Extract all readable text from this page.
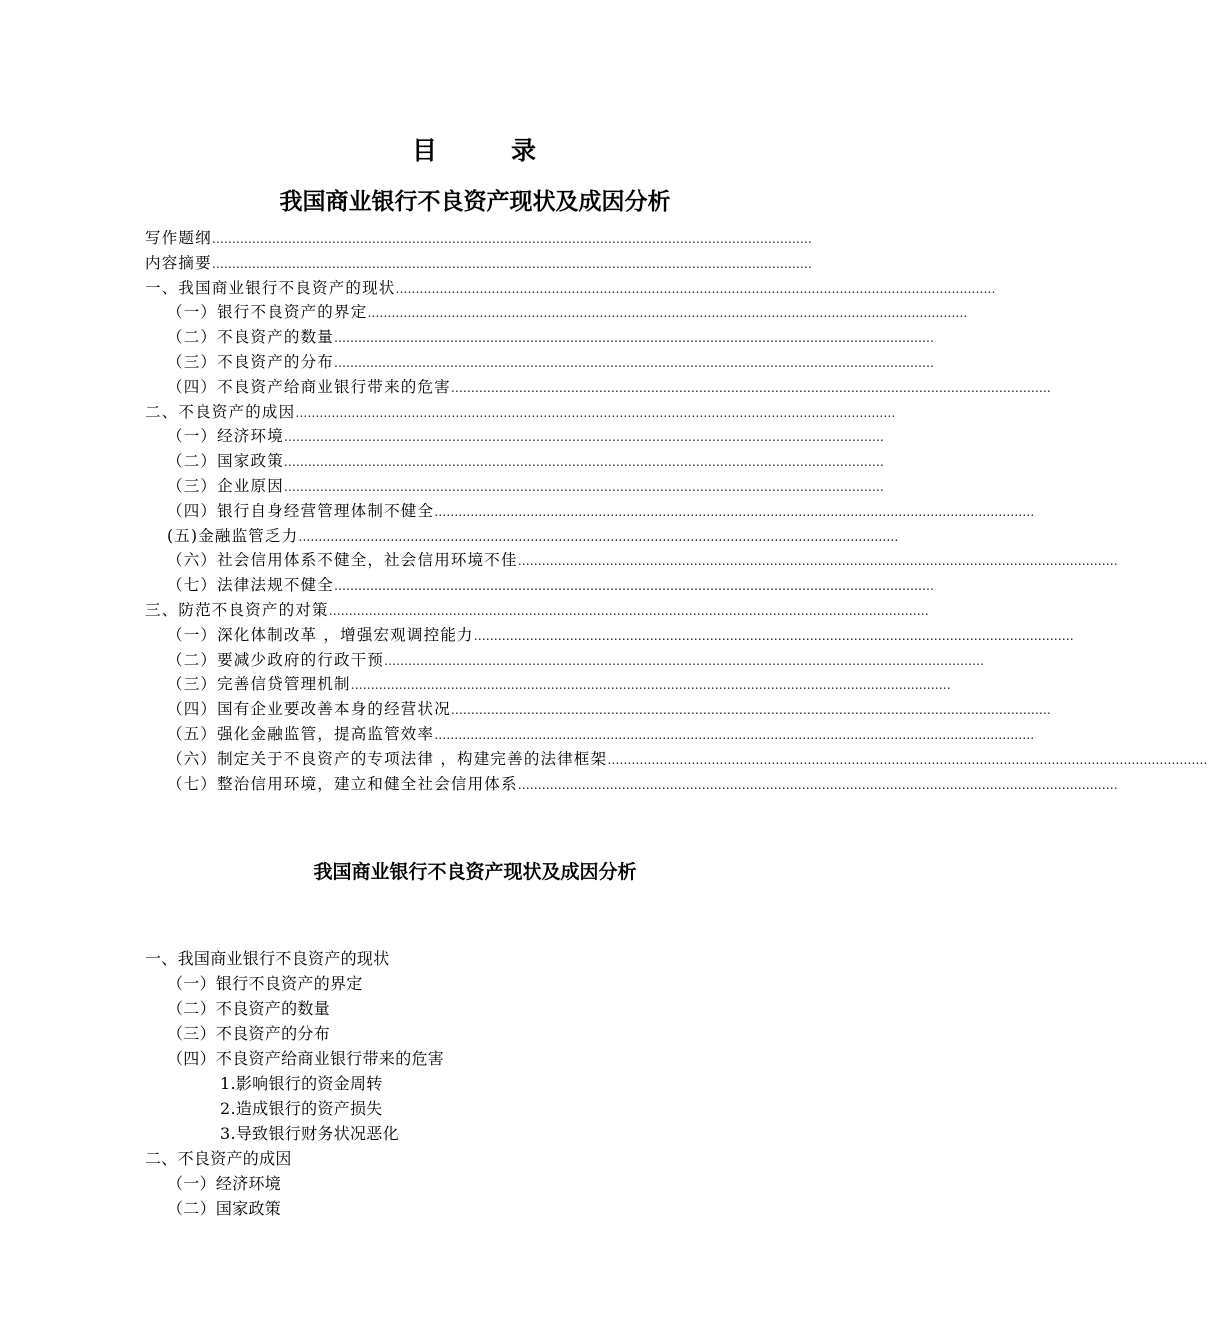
目	录
我国商业银行不良资产现状及成因分析
写作题纲 ……………………………………………………………………………………………………………………………………
内容摘要 ……………………………………………………………………………………………………………………………………
一、我国商业银行不良资产的现状 ……………………………………………………………………………………………………………………………………
（一）银行不良资产的界定 ……………………………………………………………………………………………………………………………………
（二）不良资产的数量 ……………………………………………………………………………………………………………………………………
（三）不良资产的分布 ……………………………………………………………………………………………………………………………………
（四）不良资产给商业银行带来的危害 ……………………………………………………………………………………………………………………………………
二、不良资产的成因 ……………………………………………………………………………………………………………………………………
（一）经济环境 ……………………………………………………………………………………………………………………………………
（二）国家政策 ……………………………………………………………………………………………………………………………………
（三）企业原因 ……………………………………………………………………………………………………………………………………
（四）银行自身经营管理体制不健全 ……………………………………………………………………………………………………………………………………
(五)金融监管乏力 ……………………………………………………………………………………………………………………………………
（六）社会信用体系不健全，社会信用环境不佳 ……………………………………………………………………………………………………………………………………
（七）法律法规不健全 ……………………………………………………………………………………………………………………………………
三、防范不良资产的对策 ……………………………………………………………………………………………………………………………………
（一）深化体制改革 ，增强宏观调控能力 ……………………………………………………………………………………………………………………………………
（二）要减少政府的行政干预 ……………………………………………………………………………………………………………………………………
（三）完善信贷管理机制 ……………………………………………………………………………………………………………………………………
（四）国有企业要改善本身的经营状况 ……………………………………………………………………………………………………………………………………
（五）强化金融监管，提高监管效率 ……………………………………………………………………………………………………………………………………
（六）制定关于不良资产的专项法律 ，构建完善的法律框架 ……………………………………………………………………………………………………………………………………
（七）整治信用环境，建立和健全社会信用体系 ……………………………………………………………………………………………………………………………………
我国商业银行不良资产现状及成因分析
一、我国商业银行不良资产的现状
（一）银行不良资产的界定
（二）不良资产的数量
（三）不良资产的分布
（四）不良资产给商业银行带来的危害
1.影响银行的资金周转
2.造成银行的资产损失
3.导致银行财务状况恶化
二、不良资产的成因
（一）经济环境
（二）国家政策
